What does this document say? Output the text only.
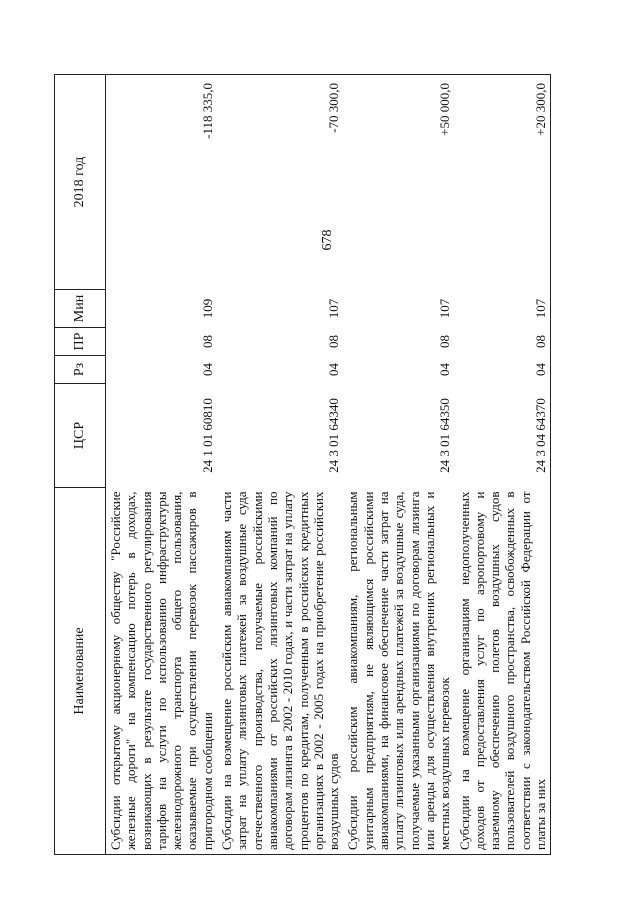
678
Наименование	ЦСР	Рз	ПР	Мин	2018 год
Субсидии открытому акционерному обществу "Российские железные дороги" на компенсацию потерь в доходах, возникающих в результате государственного регулирования тарифов на услуги по использованию инфраструктуры железнодорожного транспорта общего пользования, оказываемые при осуществлении перевозок пассажиров в пригородном сообщении	24 1 01 60810	04	08	109	-118 335,0
Субсидии на возмещение российским авиакомпаниям части затрат на уплату лизинговых платежей за воздушные суда отечественного производства, получаемые российскими авиакомпаниями от российских лизинговых компаний по договорам лизинга в 2002 - 2010 годах, и части затрат на уплату процентов по кредитам, полученным в российских кредитных организациях в 2002 - 2005 годах на приобретение российских воздушных судов	24 3 01 64340	04	08	107	-70 300,0
Субсидии российским авиакомпаниям, региональным унитарным предприятиям, не являющимся российскими авиакомпаниями, на финансовое обеспечение части затрат на уплату лизинговых или арендных платежей за воздушные суда, получаемые указанными организациями по договорам лизинга или аренды для осуществления внутренних региональных и местных воздушных перевозок	24 3 01 64350	04	08	107	+50 000,0
Субсидии на возмещение организациям недополученных доходов от предоставления услуг по аэропортовому и наземному обеспечению полетов воздушных судов пользователей воздушного пространства, освобожденных в соответствии с законодательством Российской Федерации от платы за них	24 3 04 64370	04	08	107	+20 300,0
